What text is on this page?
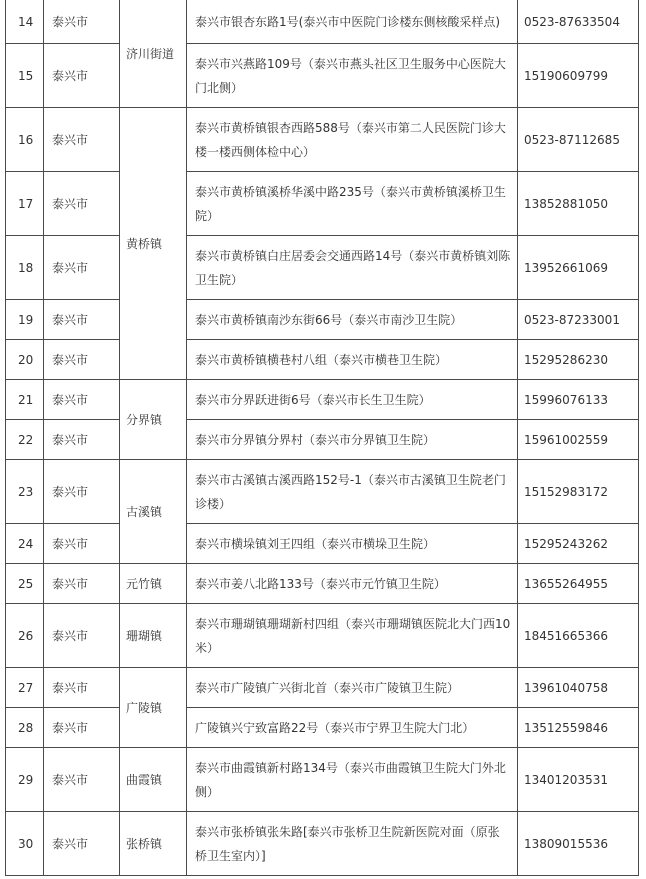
14	泰兴市	济川街道	泰兴市银杏东路1号(泰兴市中医院门诊楼东侧核酸采样点)	0523-87633504
15	泰兴市		泰兴市兴燕路109号（泰兴市燕头社区卫生服务中心医院大门北侧）	15190609799
16	泰兴市	黄桥镇	泰兴市黄桥镇银杏西路588号（泰兴市第二人民医院门诊大楼一楼西侧体检中心）	0523-87112685
17	泰兴市		泰兴市黄桥镇溪桥华溪中路235号（泰兴市黄桥镇溪桥卫生院）	13852881050
18	泰兴市		泰兴市黄桥镇白庄居委会交通西路14号（泰兴市黄桥镇刘陈卫生院）	13952661069
19	泰兴市		泰兴市黄桥镇南沙东街66号（泰兴市南沙卫生院）	0523-87233001
20	泰兴市		泰兴市黄桥镇横巷村八组（泰兴市横巷卫生院）	15295286230
21	泰兴市	分界镇	泰兴市分界跃进街6号（泰兴市长生卫生院）	15996076133
22	泰兴市		泰兴市分界镇分界村（泰兴市分界镇卫生院）	15961002559
23	泰兴市	古溪镇	泰兴市古溪镇古溪西路152号-1（泰兴市古溪镇卫生院老门诊楼）	15152983172
24	泰兴市		泰兴市横垛镇刘王四组（泰兴市横垛卫生院）	15295243262
25	泰兴市	元竹镇	泰兴市姜八北路133号（泰兴市元竹镇卫生院）	13655264955
26	泰兴市	珊瑚镇	泰兴市珊瑚镇珊瑚新村四组（泰兴市珊瑚镇医院北大门西10米）	18451665366
27	泰兴市	广陵镇	泰兴市广陵镇广兴街北首（泰兴市广陵镇卫生院）	13961040758
28	泰兴市		广陵镇兴宁致富路22号（泰兴市宁界卫生院大门北）	13512559846
29	泰兴市	曲霞镇	泰兴市曲霞镇新村路134号（泰兴市曲霞镇卫生院大门外北侧）	13401203531
30	泰兴市	张桥镇	泰兴市张桥镇张朱路[泰兴市张桥卫生院新医院对面（原张桥卫生室内）]	13809015536
